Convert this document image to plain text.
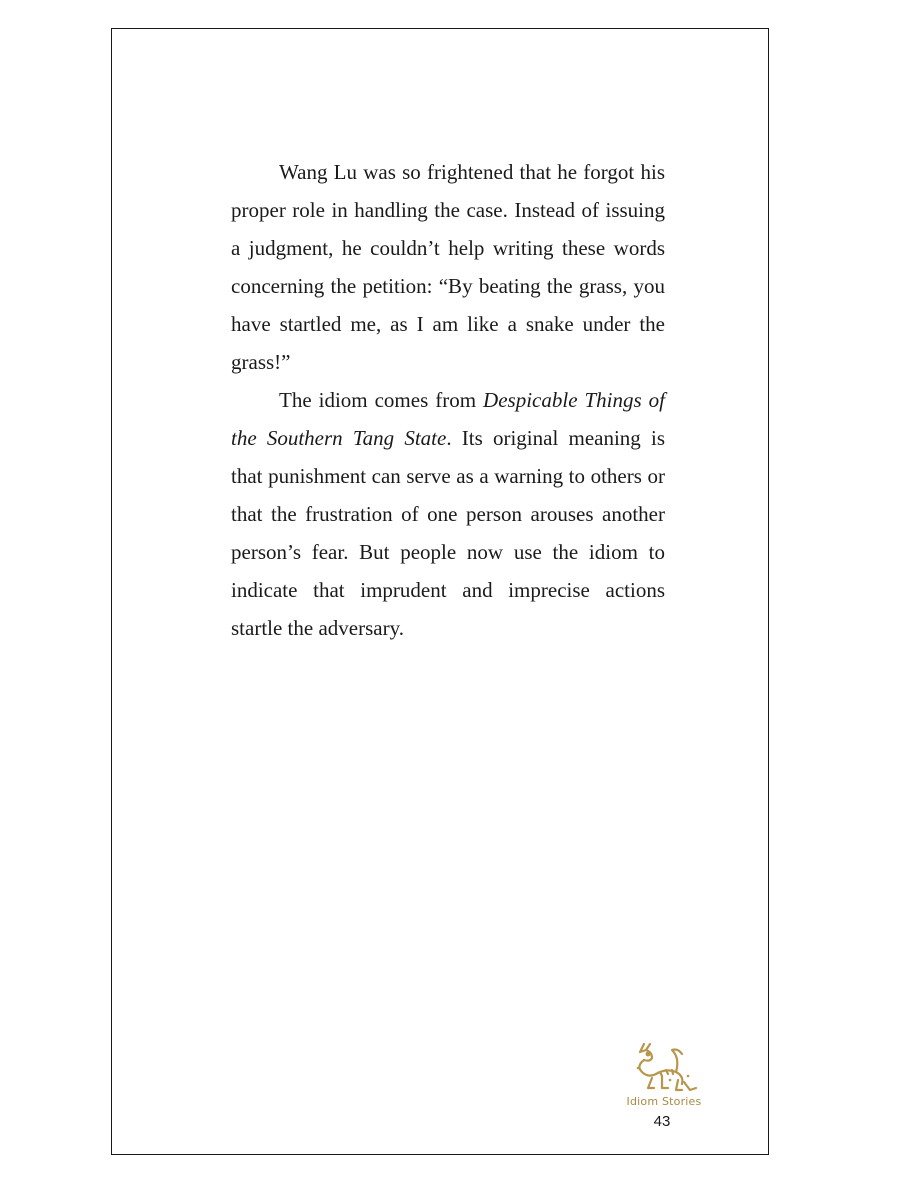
Wang Lu was so frightened that he forgot his proper role in handling the case. Instead of issuing a judgment, he couldn’t help writing these words concerning the petition: “By beating the grass, you have startled me, as I am like a snake under the grass!”

The idiom comes from Despicable Things of the Southern Tang State. Its original meaning is that punishment can serve as a warning to others or that the frustration of one person arouses another person’s fear. But people now use the idiom to indicate that imprudent and imprecise actions startle the adversary.

Idiom Stories
43
